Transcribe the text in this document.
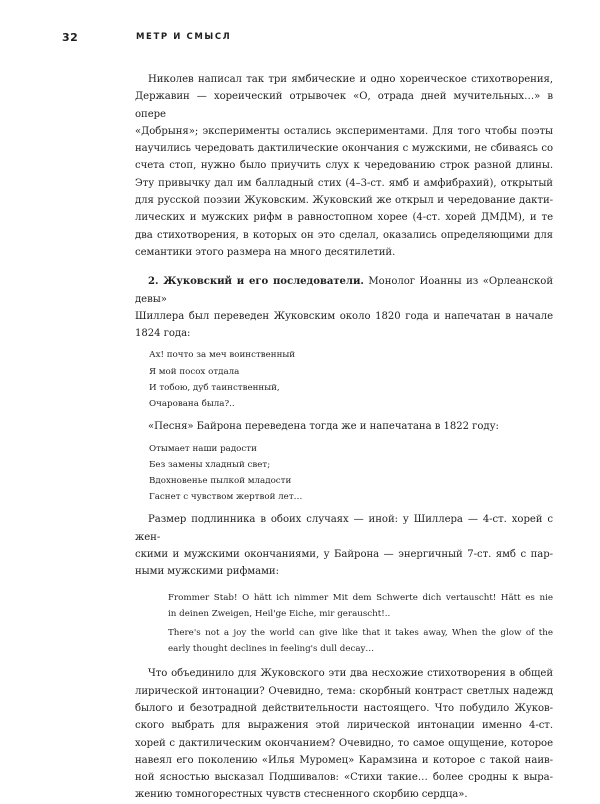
32	МЕТР И СМЫСЛ

Николев написал так три ямбические и одно хореическое стихотворения,
Державин — хореический отрывочек «О, отрада дней мучительных…» в опере
«Добрыня»; эксперименты остались экспериментами. Для того чтобы поэты
научились чередовать дактилические окончания с мужскими, не сбиваясь со
счета стоп, нужно было приучить слух к чередованию строк разной длины.
Эту привычку дал им балладный стих (4–3-ст. ямб и амфибрахий), открытый
для русской поэзии Жуковским. Жуковский же открыл и чередование дакти-
лических и мужских рифм в равностопном хорее (4-ст. хорей ДМДМ), и те
два стихотворения, в которых он это сделал, оказались определяющими для
семантики этого размера на много десятилетий.

2. Жуковский и его последователи. Монолог Иоанны из «Орлеанской девы»
Шиллера был переведен Жуковским около 1820 года и напечатан в начале
1824 года:

Ах! почто за меч воинственный
Я мой посох отдала
И тобою, дуб таинственный,
Очарована была?..

«Песня» Байрона переведена тогда же и напечатана в 1822 году:

Отымает наши радости
Без замены хладный свет;
Вдохновенье пылкой младости
Гаснет с чувством жертвой лет…

Размер подлинника в обоих случаях — иной: у Шиллера — 4-ст. хорей с жен-
скими и мужскими окончаниями, у Байрона — энергичный 7-ст. ямб с пар-
ными мужскими рифмами:

Frommer Stab! O hätt ich nimmer Mit dem Schwerte dich vertauscht! Hätt es nie
in deinen Zweigen, Heil'ge Eiche, mir gerauscht!..

There's not a joy the world can give like that it takes away, When the glow of the
early thought declines in feeling's dull decay…

Что объединило для Жуковского эти два несхожие стихотворения в общей
лирической интонации? Очевидно, тема: скорбный контраст светлых надежд
былого и безотрадной действительности настоящего. Что побудило Жуков-
ского выбрать для выражения этой лирической интонации именно 4-ст.
хорей с дактилическим окончанием? Очевидно, то самое ощущение, которое
навеял его поколению «Илья Муромец» Карамзина и которое с такой наив-
ной ясностью высказал Подшивалов: «Стихи такие… более сродны к выра-
жению томногорестных чувств стесненного скорбию сердца».
